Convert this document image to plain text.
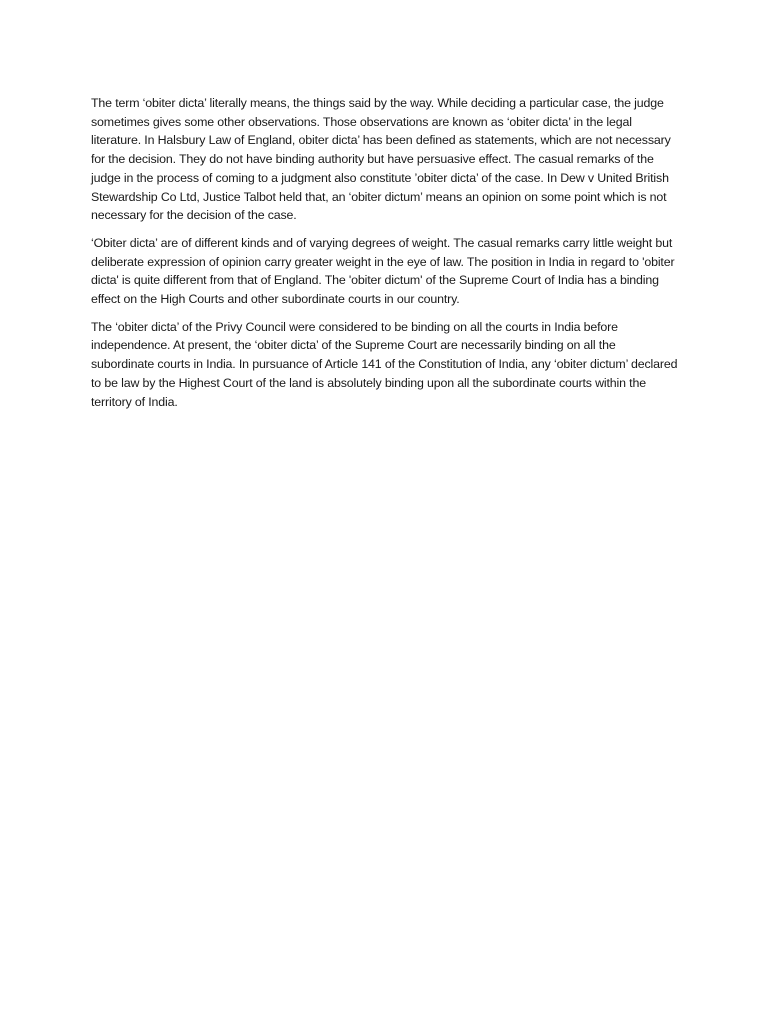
The term ‘obiter dicta’ literally means, the things said by the way. While deciding a particular case, the judge sometimes gives some other observations. Those observations are known as ‘obiter dicta’ in the legal literature. In Halsbury Law of England, obiter dicta’ has been defined as statements, which are not necessary for the decision. They do not have binding authority but have persuasive effect. The casual remarks of the judge in the process of coming to a judgment also constitute ’obiter dicta’ of the case. In Dew v United British Stewardship Co Ltd, Justice Talbot held that, an ‘obiter dictum’ means an opinion on some point which is not necessary for the decision of the case.

‘Obiter dicta’ are of different kinds and of varying degrees of weight. The casual remarks carry little weight but deliberate expression of opinion carry greater weight in the eye of law. The position in India in regard to 'obiter dicta' is quite different from that of England. The 'obiter dictum' of the Supreme Court of India has a binding effect on the High Courts and other subordinate courts in our country.

The ‘obiter dicta’ of the Privy Council were considered to be binding on all the courts in India before independence. At present, the ‘obiter dicta’ of the Supreme Court are necessarily binding on all the subordinate courts in India. In pursuance of Article 141 of the Constitution of India, any ‘obiter dictum’ declared to be law by the Highest Court of the land is absolutely binding upon all the subordinate courts within the territory of India.
